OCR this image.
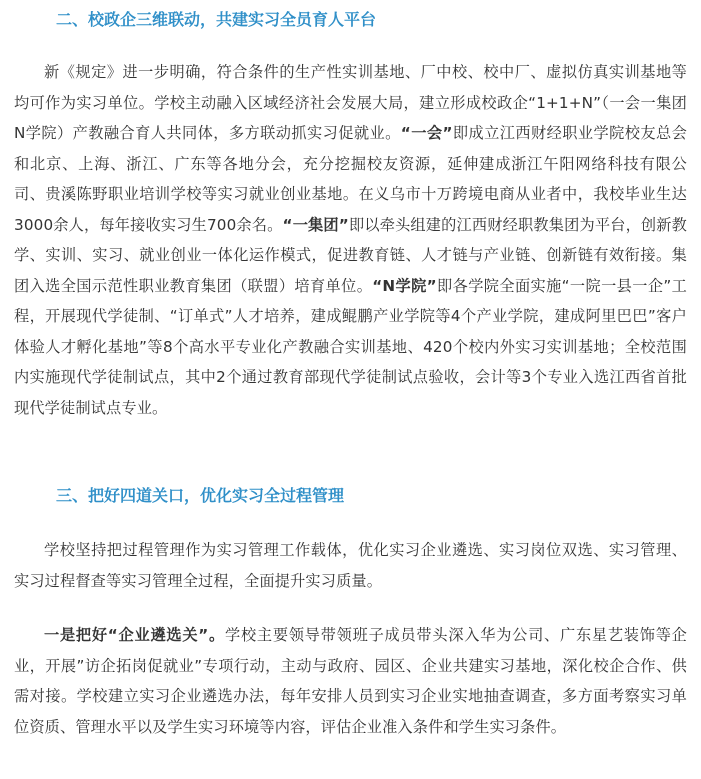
二、校政企三维联动，共建实习全员育人平台

新《规定》进一步明确，符合条件的生产性实训基地、厂中校、校中厂、虚拟仿真实训基地等均可作为实习单位。学校主动融入区域经济社会发展大局，建立形成校政企“1+1+N”（一会一集团N学院）产教融合育人共同体，多方联动抓实习促就业。“一会”即成立江西财经职业学院校友总会和北京、上海、浙江、广东等各地分会，充分挖掘校友资源，延伸建成浙江午阳网络科技有限公司、贵溪陈野职业培训学校等实习就业创业基地。在义乌市十万跨境电商从业者中，我校毕业生达3000余人，每年接收实习生700余名。“一集团”即以牵头组建的江西财经职教集团为平台，创新教学、实训、实习、就业创业一体化运作模式，促进教育链、人才链与产业链、创新链有效衔接。集团入选全国示范性职业教育集团（联盟）培育单位。“N学院”即各学院全面实施“一院一县一企”工程，开展现代学徒制、“订单式”人才培养，建成鲲鹏产业学院等4个产业学院，建成阿里巴巴”客户体验人才孵化基地”等8个高水平专业化产教融合实训基地、420个校内外实习实训基地；全校范围内实施现代学徒制试点，其中2个通过教育部现代学徒制试点验收，会计等3个专业入选江西省首批现代学徒制试点专业。

三、把好四道关口，优化实习全过程管理

学校坚持把过程管理作为实习管理工作载体，优化实习企业遴选、实习岗位双选、实习管理、实习过程督查等实习管理全过程，全面提升实习质量。

一是把好“企业遴选关”。学校主要领导带领班子成员带头深入华为公司、广东星艺装饰等企业，开展”访企拓岗促就业”专项行动，主动与政府、园区、企业共建实习基地，深化校企合作、供需对接。学校建立实习企业遴选办法，每年安排人员到实习企业实地抽查调查，多方面考察实习单位资质、管理水平以及学生实习环境等内容，评估企业准入条件和学生实习条件。
